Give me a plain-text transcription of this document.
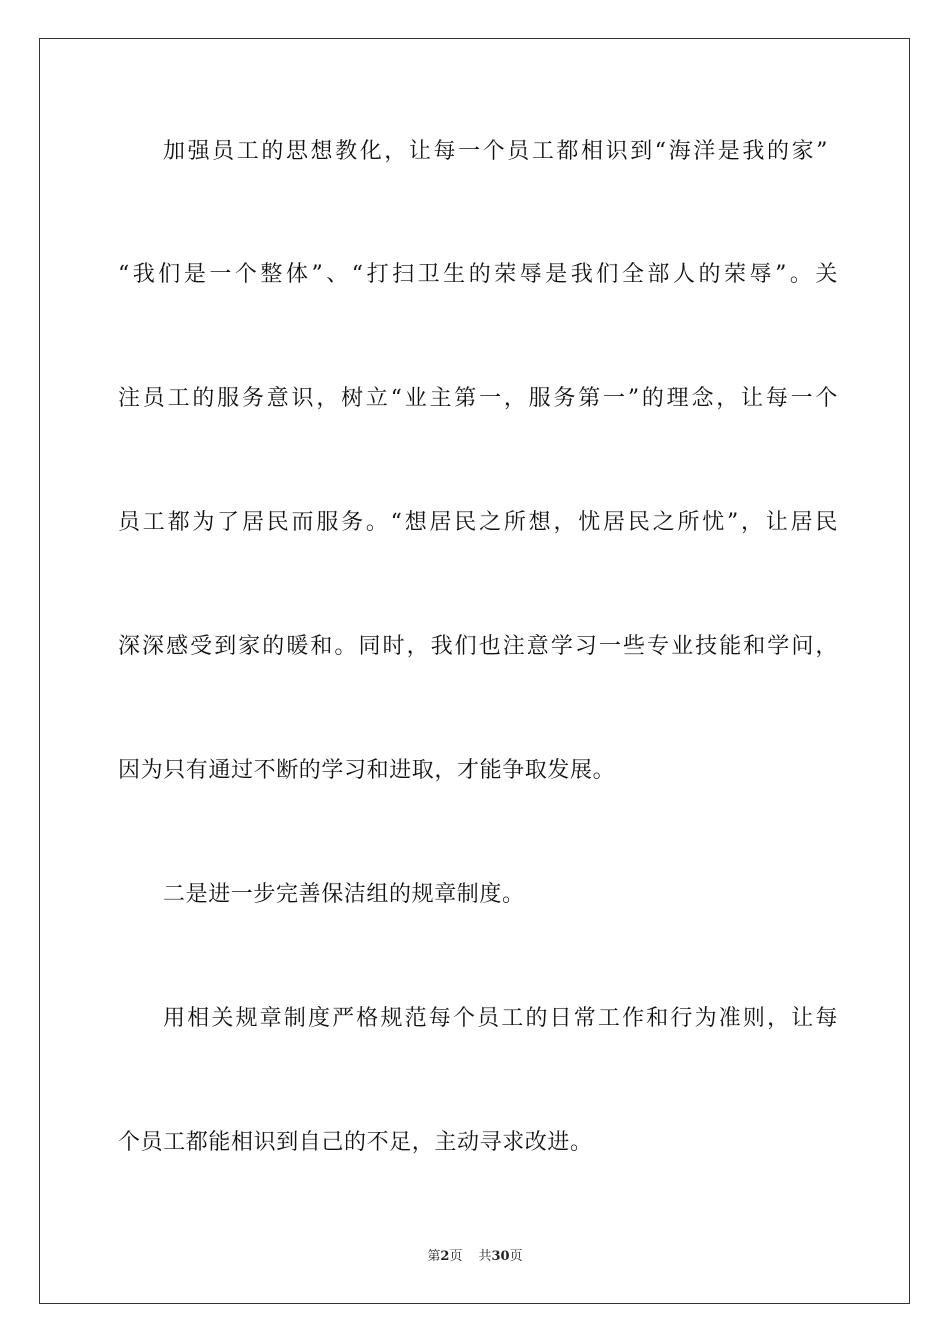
加强员工的思想教化，让每一个员工都相识到“海洋是我的家”
“我们是一个整体”、“打扫卫生的荣辱是我们全部人的荣辱”。关
注员工的服务意识，树立“业主第一，服务第一”的理念，让每一个
员工都为了居民而服务。“想居民之所想，忧居民之所忧”，让居民
深深感受到家的暖和。同时，我们也注意学习一些专业技能和学问，
因为只有通过不断的学习和进取，才能争取发展。
二是进一步完善保洁组的规章制度。
用相关规章制度严格规范每个员工的日常工作和行为准则，让每
个员工都能相识到自己的不足，主动寻求改进。
第2页 共30页
